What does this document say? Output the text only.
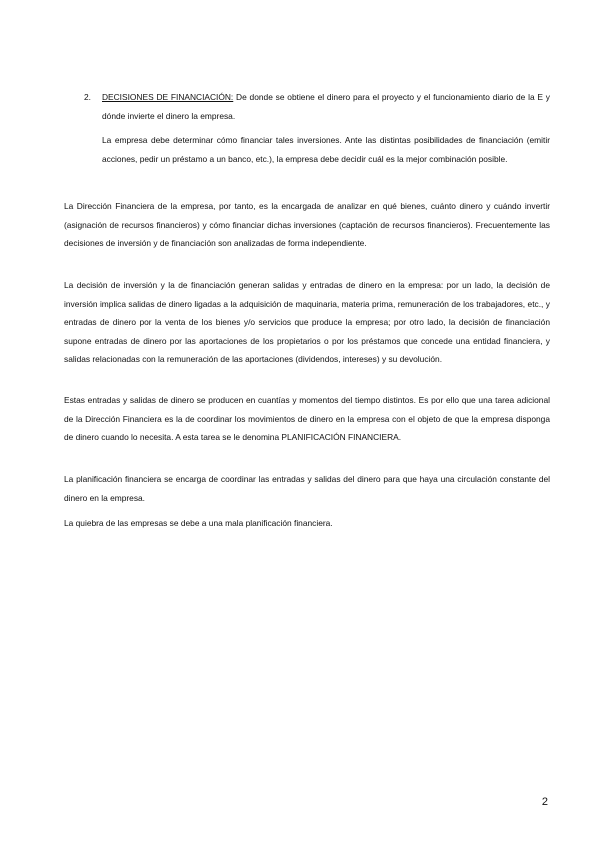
2. DECISIONES DE FINANCIACIÓN: De donde se obtiene el dinero para el proyecto y el funcionamiento diario de la E y dónde invierte el dinero la empresa.
La empresa debe determinar cómo financiar tales inversiones. Ante las distintas posibilidades de financiación (emitir acciones, pedir un préstamo a un banco, etc.), la empresa debe decidir cuál es la mejor combinación posible.
La Dirección Financiera de la empresa, por tanto, es la encargada de analizar en qué bienes, cuánto dinero y cuándo invertir (asignación de recursos financieros) y cómo financiar dichas inversiones (captación de recursos financieros). Frecuentemente las decisiones de inversión y de financiación son analizadas de forma independiente.
La decisión de inversión y la de financiación generan salidas y entradas de dinero en la empresa: por un lado, la decisión de inversión implica salidas de dinero ligadas a la adquisición de maquinaria, materia prima, remuneración de los trabajadores, etc., y entradas de dinero por la venta de los bienes y/o servicios que produce la empresa; por otro lado, la decisión de financiación supone entradas de dinero por las aportaciones de los propietarios o por los préstamos que concede una entidad financiera, y salidas relacionadas con la remuneración de las aportaciones (dividendos, intereses) y su devolución.
Estas entradas y salidas de dinero se producen en cuantías y momentos del tiempo distintos. Es por ello que una tarea adicional de la Dirección Financiera es la de coordinar los movimientos de dinero en la empresa con el objeto de que la empresa disponga de dinero cuando lo necesita. A esta tarea se le denomina PLANIFICACIÓN FINANCIERA.
La planificación financiera se encarga de coordinar las entradas y salidas del dinero para que haya una circulación constante del dinero en la empresa.
La quiebra de las empresas se debe a una mala planificación financiera.
2
